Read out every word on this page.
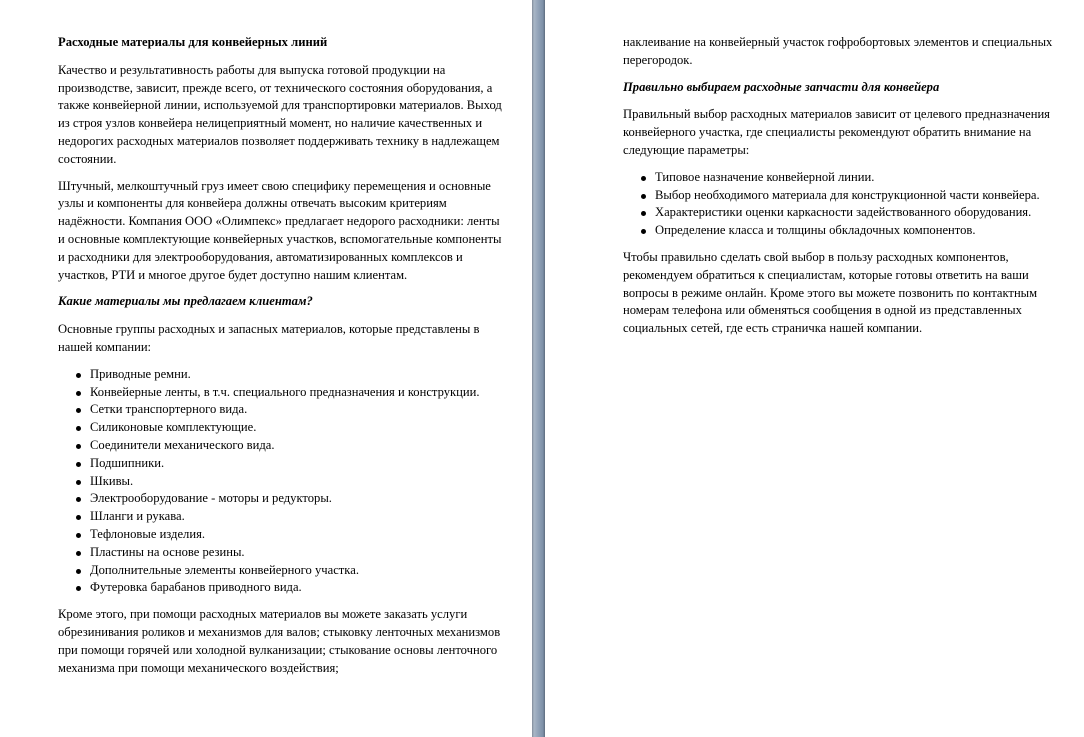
Расходные материалы для конвейерных линий

Качество и результативность работы для выпуска готовой продукции на производстве, зависит, прежде всего, от технического состояния оборудования, а также конвейерной линии, используемой для транспортировки материалов. Выход из строя узлов конвейера нелицеприятный момент, но наличие качественных и недорогих расходных материалов позволяет поддерживать технику в надлежащем состоянии.

Штучный, мелкоштучный груз имеет свою специфику перемещения и основные узлы и компоненты для конвейера должны отвечать высоким критериям надёжности. Компания ООО «Олимпекс» предлагает недорого расходники: ленты и основные комплектующие конвейерных участков, вспомогательные компоненты и расходники для электрооборудования, автоматизированных комплексов и участков, РТИ и многое другое будет доступно нашим клиентам.

Какие материалы мы предлагаем клиентам?

Основные группы расходных и запасных материалов, которые представлены в нашей компании:

Приводные ремни.
Конвейерные ленты, в т.ч. специального предназначения и конструкции.
Сетки транспортерного вида.
Силиконовые комплектующие.
Соединители механического вида.
Подшипники.
Шкивы.
Электрооборудование - моторы и редукторы.
Шланги и рукава.
Тефлоновые изделия.
Пластины на основе резины.
Дополнительные элементы конвейерного участка.
Футеровка барабанов приводного вида.

Кроме этого, при помощи расходных материалов вы можете заказать услуги обрезинивания роликов и механизмов для валов; стыковку ленточных механизмов при помощи горячей или холодной вулканизации; стыкование основы ленточного механизма при помощи механического воздействия;

наклеивание на конвейерный участок гофробортовых элементов и специальных перегородок.

Правильно выбираем расходные запчасти для конвейера

Правильный выбор расходных материалов зависит от целевого предназначения конвейерного участка, где специалисты рекомендуют обратить внимание на следующие параметры:

Типовое назначение конвейерной линии.
Выбор необходимого материала для конструкционной части конвейера.
Характеристики оценки каркасности задействованного оборудования.
Определение класса и толщины обкладочных компонентов.

Чтобы правильно сделать свой выбор в пользу расходных компонентов, рекомендуем обратиться к специалистам, которые готовы ответить на ваши вопросы в режиме онлайн. Кроме этого вы можете позвонить по контактным номерам телефона или обменяться сообщения в одной из представленных социальных сетей, где есть страничка нашей компании.
